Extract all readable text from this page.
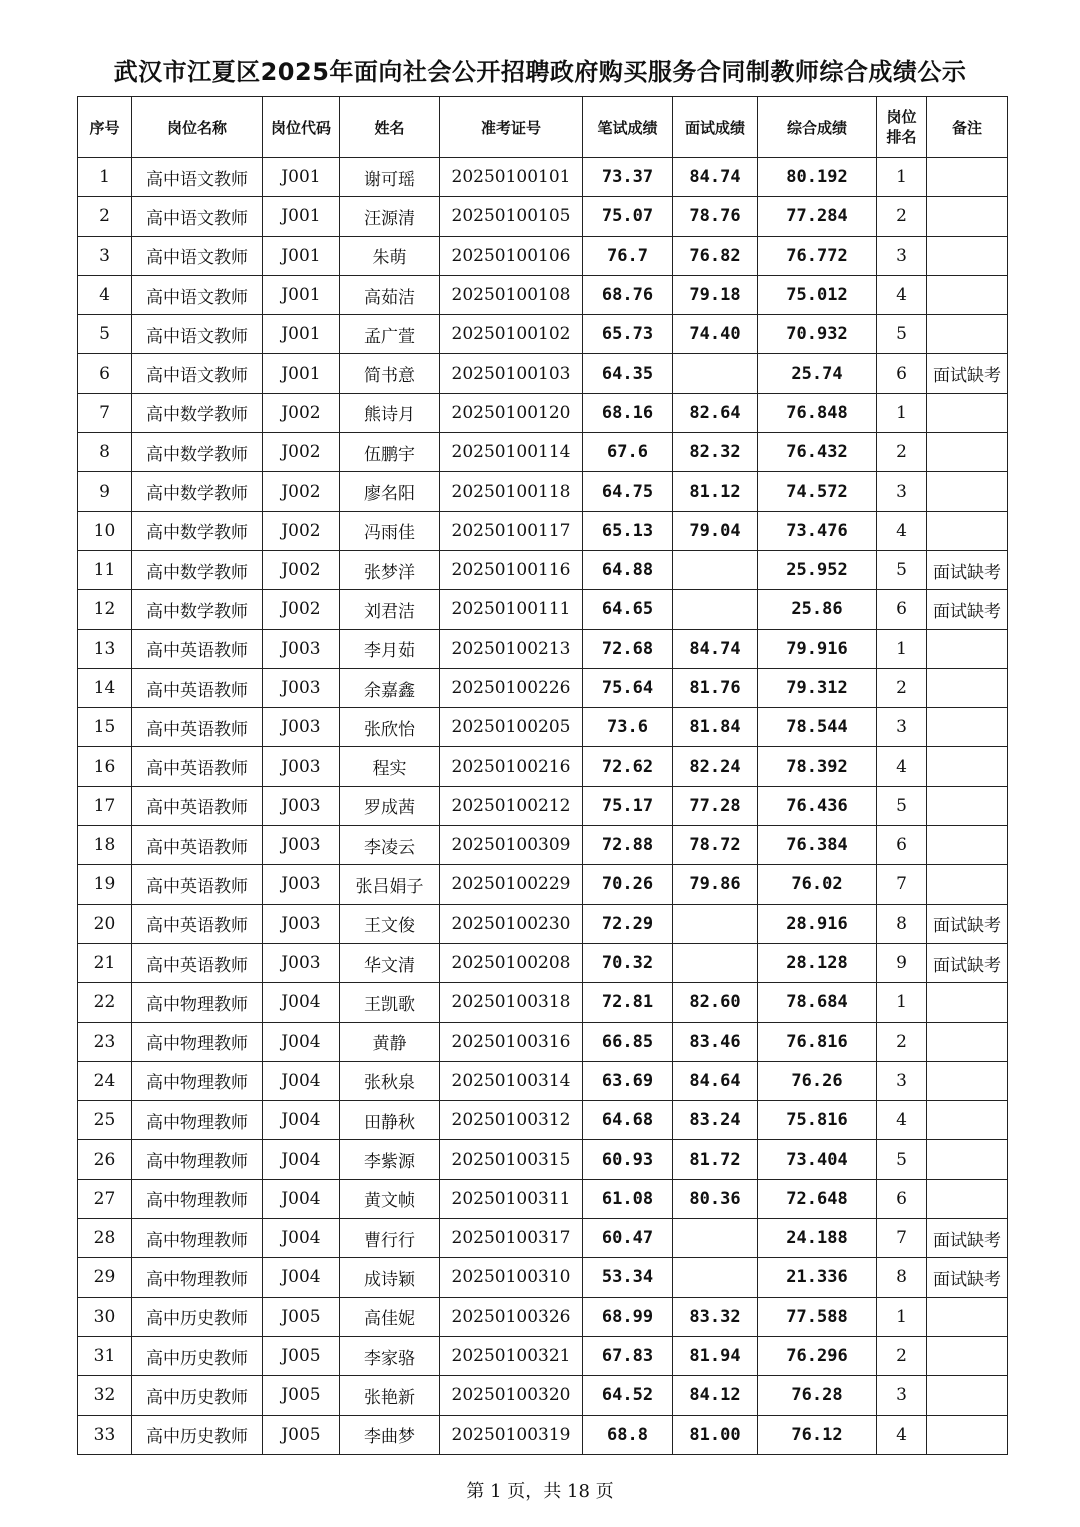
武汉市江夏区2025年面向社会公开招聘政府购买服务合同制教师综合成绩公示
序号	岗位名称	岗位代码	姓名	准考证号	笔试成绩	面试成绩	综合成绩	岗位
排名	备注
1	高中语文教师	J001	谢可瑶	20250100101	73.37	84.74	80.192	1	
2	高中语文教师	J001	汪源清	20250100105	75.07	78.76	77.284	2	
3	高中语文教师	J001	朱萌	20250100106	76.7	76.82	76.772	3	
4	高中语文教师	J001	高茹洁	20250100108	68.76	79.18	75.012	4	
5	高中语文教师	J001	孟广萱	20250100102	65.73	74.40	70.932	5	
6	高中语文教师	J001	简书意	20250100103	64.35		25.74	6	面试缺考
7	高中数学教师	J002	熊诗月	20250100120	68.16	82.64	76.848	1	
8	高中数学教师	J002	伍鹏宇	20250100114	67.6	82.32	76.432	2	
9	高中数学教师	J002	廖名阳	20250100118	64.75	81.12	74.572	3	
10	高中数学教师	J002	冯雨佳	20250100117	65.13	79.04	73.476	4	
11	高中数学教师	J002	张梦洋	20250100116	64.88		25.952	5	面试缺考
12	高中数学教师	J002	刘君洁	20250100111	64.65		25.86	6	面试缺考
13	高中英语教师	J003	李月茹	20250100213	72.68	84.74	79.916	1	
14	高中英语教师	J003	余嘉鑫	20250100226	75.64	81.76	79.312	2	
15	高中英语教师	J003	张欣怡	20250100205	73.6	81.84	78.544	3	
16	高中英语教师	J003	程实	20250100216	72.62	82.24	78.392	4	
17	高中英语教师	J003	罗成茜	20250100212	75.17	77.28	76.436	5	
18	高中英语教师	J003	李凌云	20250100309	72.88	78.72	76.384	6	
19	高中英语教师	J003	张吕娟子	20250100229	70.26	79.86	76.02	7	
20	高中英语教师	J003	王文俊	20250100230	72.29		28.916	8	面试缺考
21	高中英语教师	J003	华文清	20250100208	70.32		28.128	9	面试缺考
22	高中物理教师	J004	王凯歌	20250100318	72.81	82.60	78.684	1	
23	高中物理教师	J004	黄静	20250100316	66.85	83.46	76.816	2	
24	高中物理教师	J004	张秋泉	20250100314	63.69	84.64	76.26	3	
25	高中物理教师	J004	田静秋	20250100312	64.68	83.24	75.816	4	
26	高中物理教师	J004	李紫源	20250100315	60.93	81.72	73.404	5	
27	高中物理教师	J004	黄文帧	20250100311	61.08	80.36	72.648	6	
28	高中物理教师	J004	曹行行	20250100317	60.47		24.188	7	面试缺考
29	高中物理教师	J004	成诗颖	20250100310	53.34		21.336	8	面试缺考
30	高中历史教师	J005	高佳妮	20250100326	68.99	83.32	77.588	1	
31	高中历史教师	J005	李家骆	20250100321	67.83	81.94	76.296	2	
32	高中历史教师	J005	张艳新	20250100320	64.52	84.12	76.28	3	
33	高中历史教师	J005	李曲梦	20250100319	68.8	81.00	76.12	4	
第 1 页，共 18 页
